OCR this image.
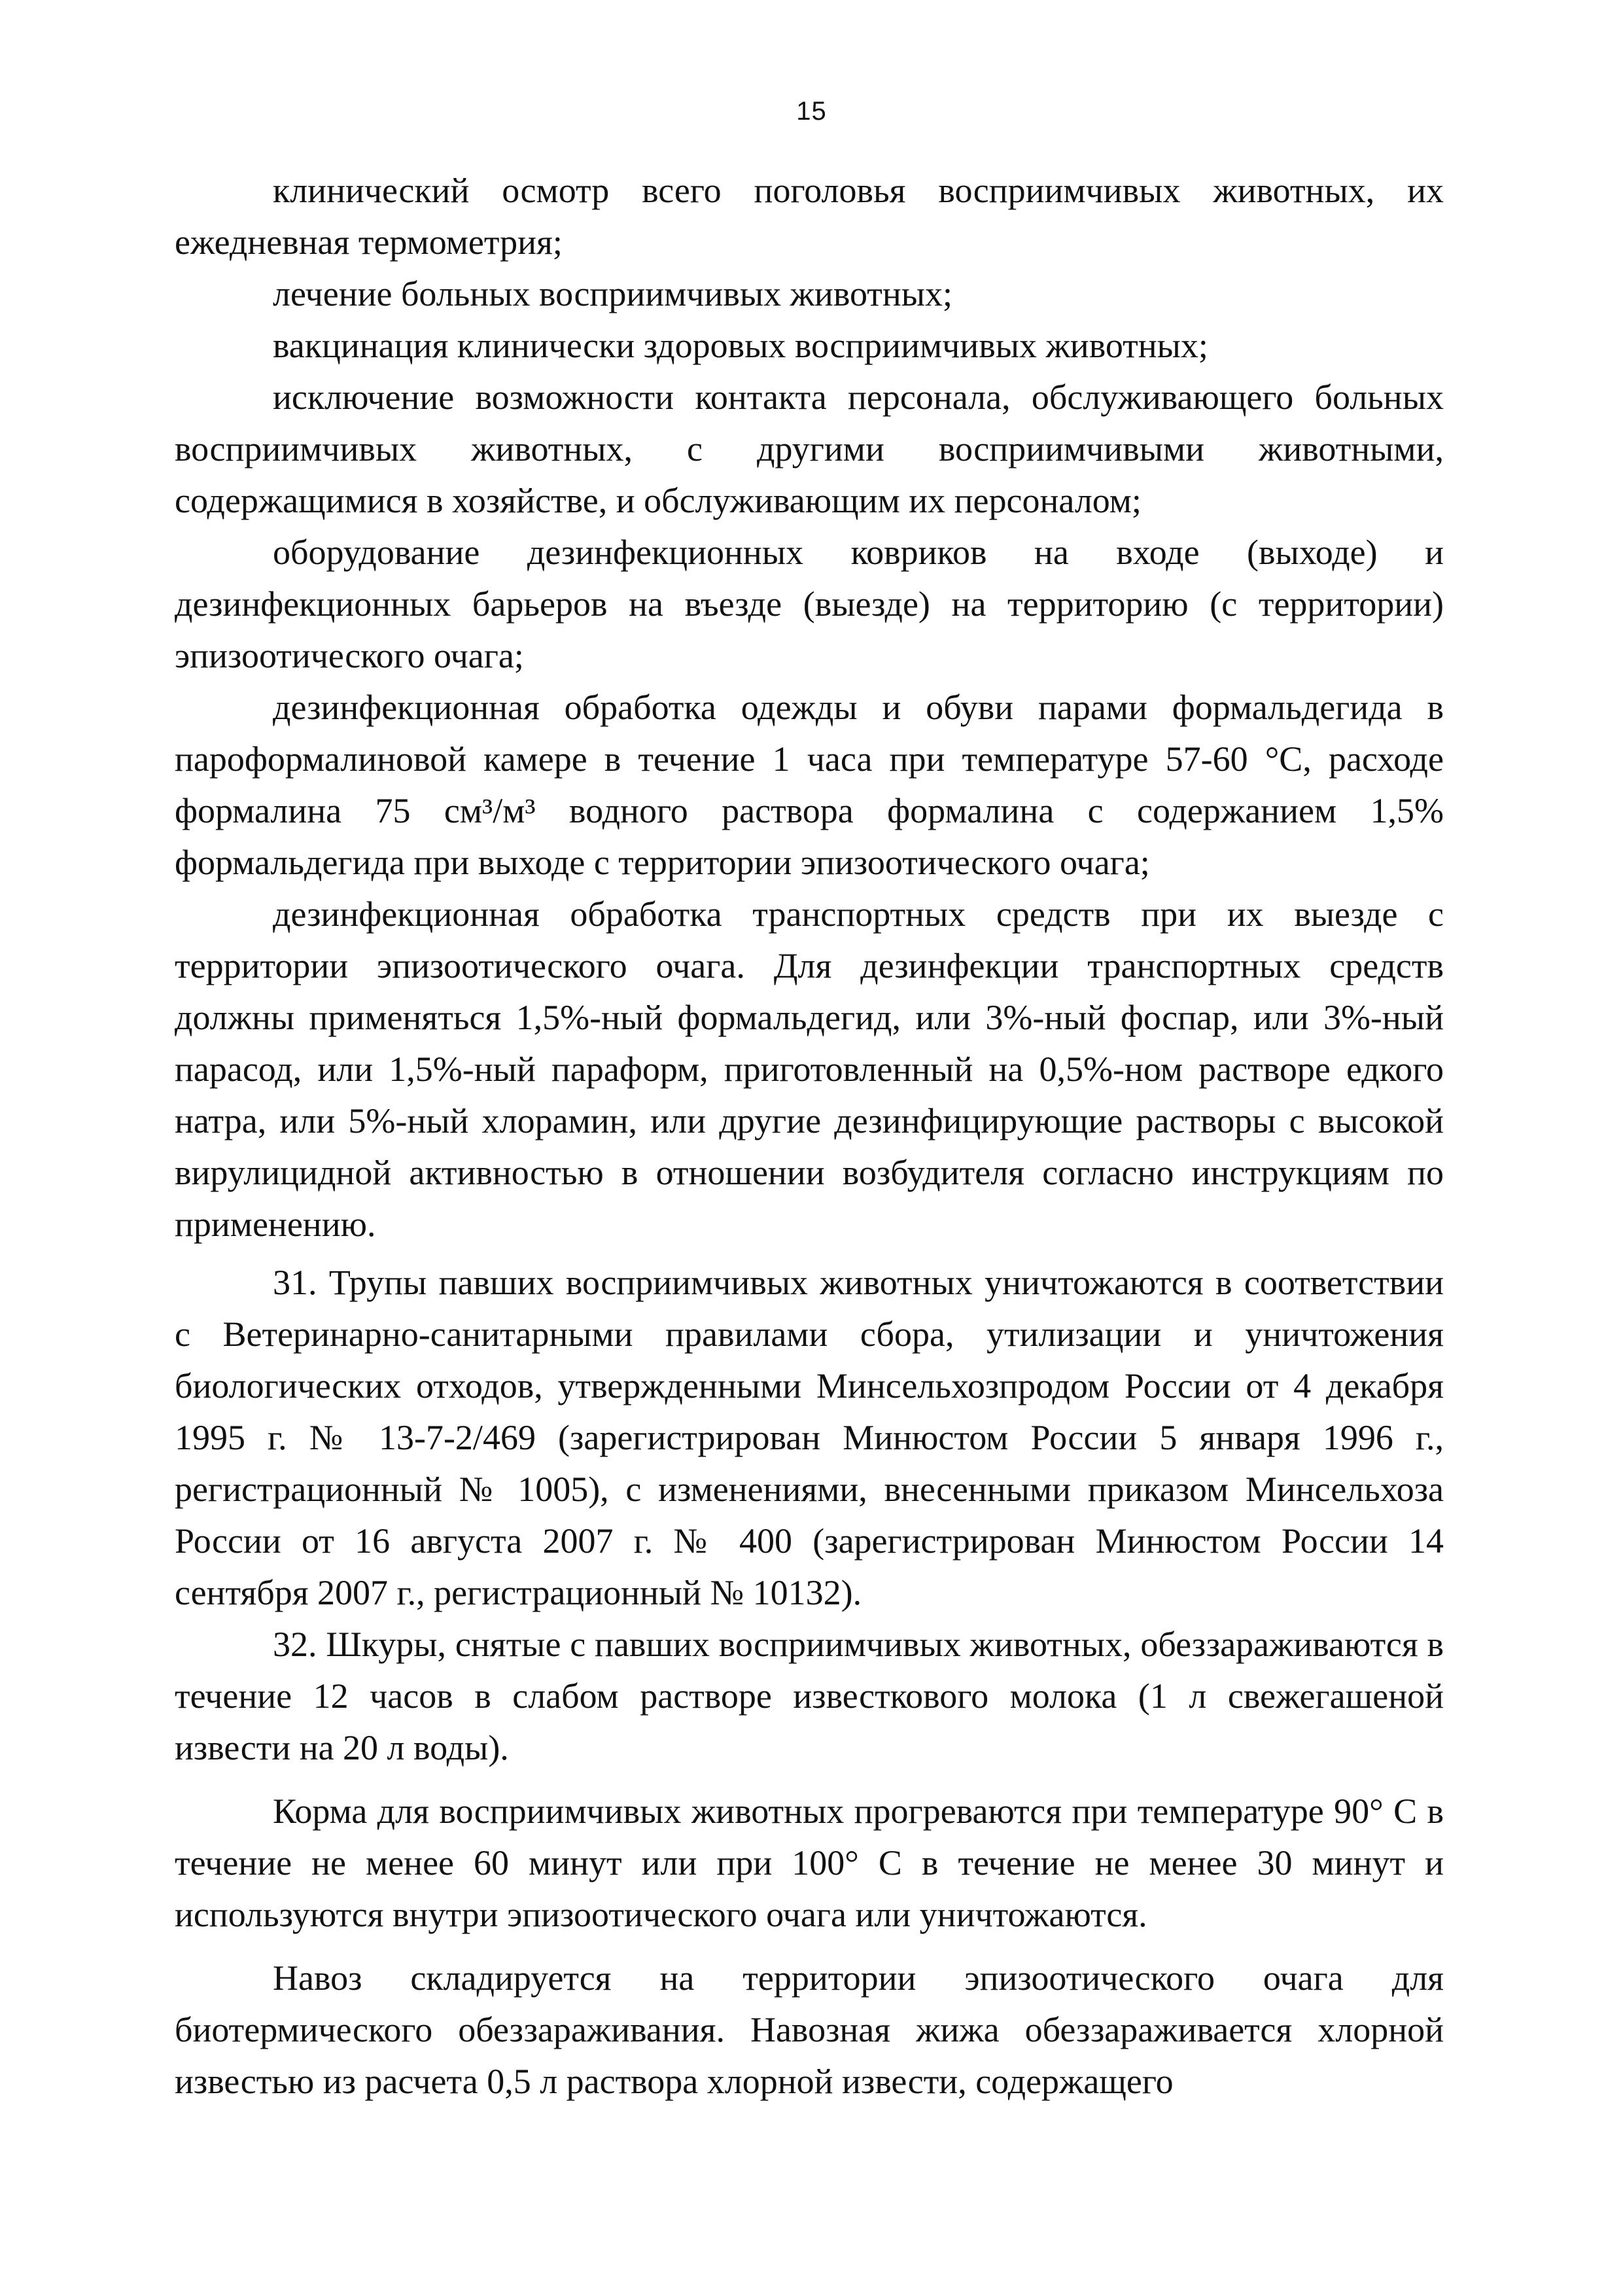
15

клинический осмотр всего поголовья восприимчивых животных, их ежедневная термометрия;

лечение больных восприимчивых животных;

вакцинация клинически здоровых восприимчивых животных;

исключение возможности контакта персонала, обслуживающего больных восприимчивых животных, с другими восприимчивыми животными, содержащимися в хозяйстве, и обслуживающим их персоналом;

оборудование дезинфекционных ковриков на входе (выходе) и дезинфекционных барьеров на въезде (выезде) на территорию (с территории) эпизоотического очага;

дезинфекционная обработка одежды и обуви парами формальдегида в пароформалиновой камере в течение 1 часа при температуре 57-60 °С, расходе формалина 75 см³/м³ водного раствора формалина с содержанием 1,5% формальдегида при выходе с территории эпизоотического очага;

дезинфекционная обработка транспортных средств при их выезде с территории эпизоотического очага. Для дезинфекции транспортных средств должны применяться 1,5%-ный формальдегид, или 3%-ный фоспар, или 3%-ный парасод, или 1,5%-ный параформ, приготовленный на 0,5%-ном растворе едкого натра, или 5%-ный хлорамин, или другие дезинфицирующие растворы с высокой вирулицидной активностью в отношении возбудителя согласно инструкциям по применению.

31. Трупы павших восприимчивых животных уничтожаются в соответствии с Ветеринарно-санитарными правилами сбора, утилизации и уничтожения биологических отходов, утвержденными Минсельхозпродом России от 4 декабря 1995 г. № 13-7-2/469 (зарегистрирован Минюстом России 5 января 1996 г., регистрационный № 1005), с изменениями, внесенными приказом Минсельхоза России от 16 августа 2007 г. № 400 (зарегистрирован Минюстом России 14 сентября 2007 г., регистрационный № 10132).

32. Шкуры, снятые с павших восприимчивых животных, обеззараживаются в течение 12 часов в слабом растворе известкового молока (1 л свежегашеной извести на 20 л воды).

Корма для восприимчивых животных прогреваются при температуре 90° С в течение не менее 60 минут или при 100° С в течение не менее 30 минут и используются внутри эпизоотического очага или уничтожаются.

Навоз складируется на территории эпизоотического очага для биотермического обеззараживания. Навозная жижа обеззараживается хлорной известью из расчета 0,5 л раствора хлорной извести, содержащего
